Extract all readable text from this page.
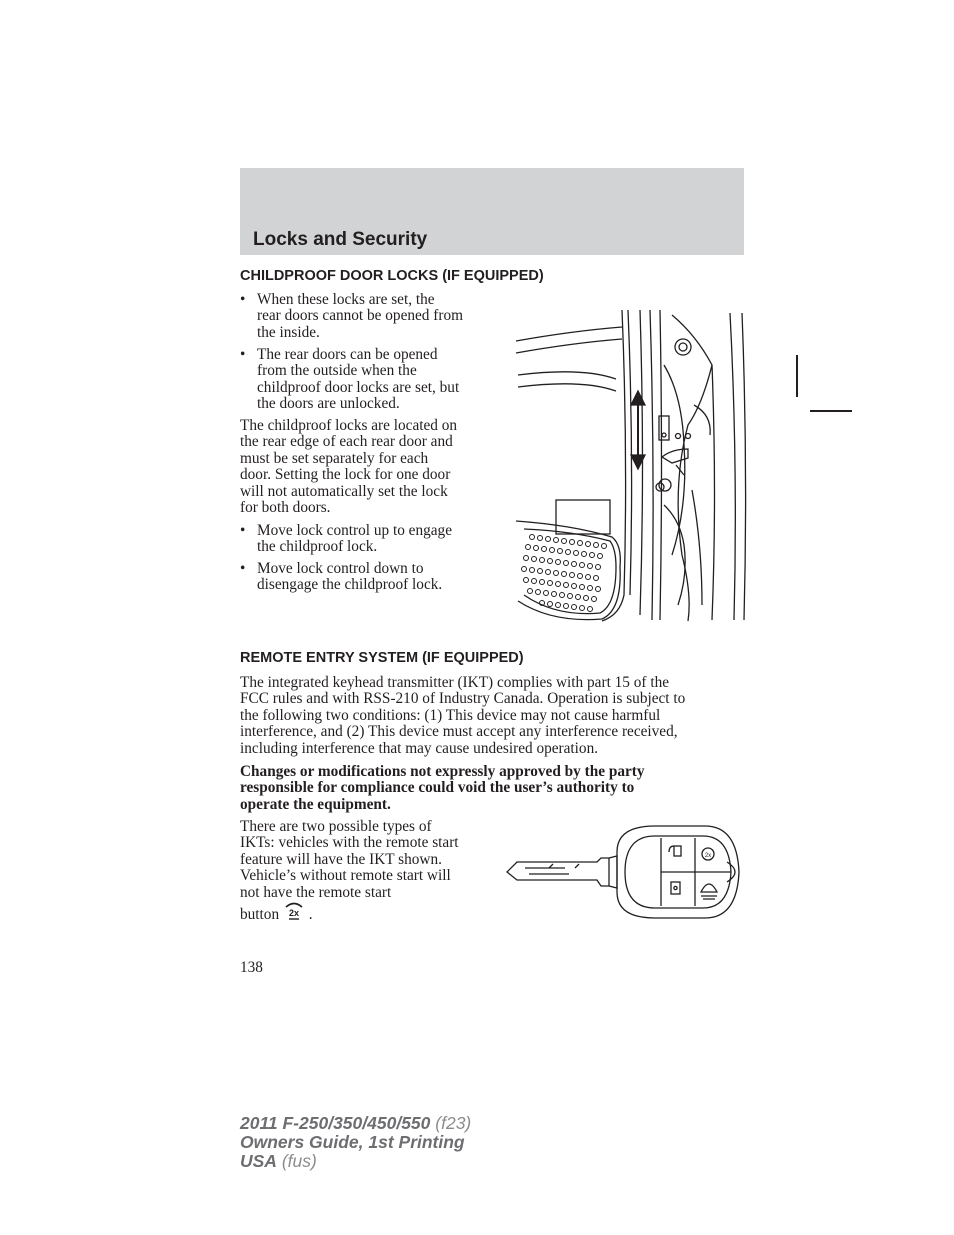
Locks and Security
CHILDPROOF DOOR LOCKS (IF EQUIPPED)
• When these locks are set, the
rear doors cannot be opened from
the inside.
• The rear doors can be opened
from the outside when the
childproof door locks are set, but
the doors are unlocked.
The childproof locks are located on
the rear edge of each rear door and
must be set separately for each
door. Setting the lock for one door
will not automatically set the lock
for both doors.
• Move lock control up to engage
the childproof lock.
• Move lock control down to
disengage the childproof lock.
REMOTE ENTRY SYSTEM (IF EQUIPPED)
The integrated keyhead transmitter (IKT) complies with part 15 of the
FCC rules and with RSS-210 of Industry Canada. Operation is subject to
the following two conditions: (1) This device may not cause harmful
interference, and (2) This device must accept any interference received,
including interference that may cause undesired operation.
Changes or modifications not expressly approved by the party
responsible for compliance could void the user’s authority to
operate the equipment.
There are two possible types of
IKTs: vehicles with the remote start
feature will have the IKT shown.
Vehicle’s without remote start will
not have the remote start
button 2x .
2x
138
2011 F-250/350/450/550 (f23)
Owners Guide, 1st Printing
USA (fus)
